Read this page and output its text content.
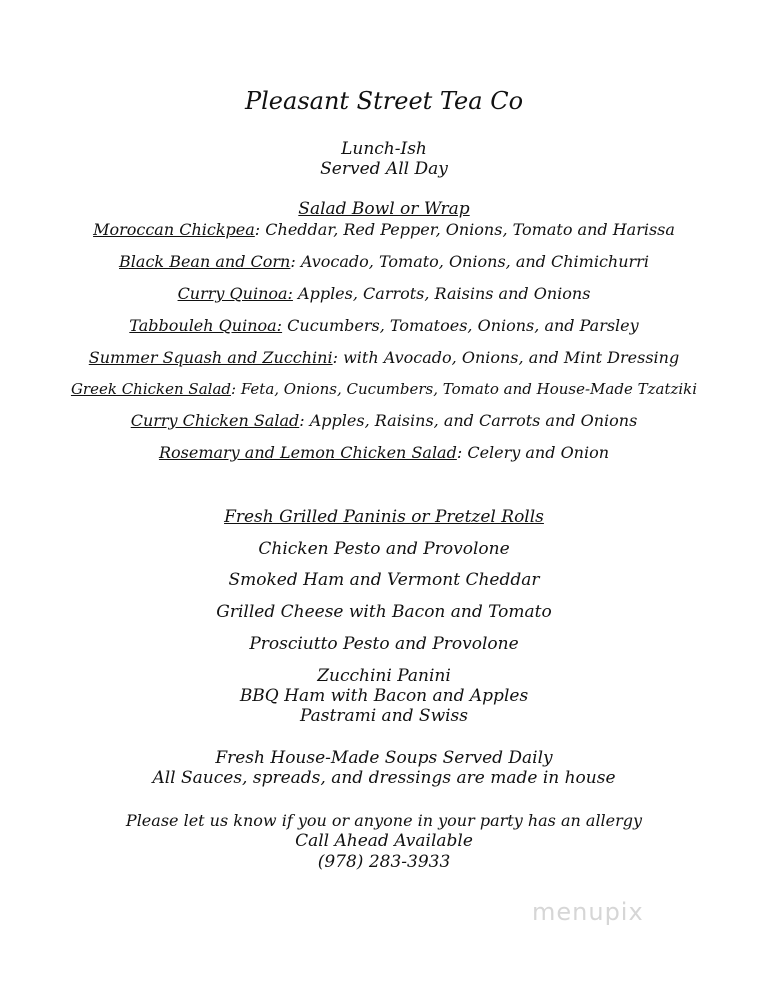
Pleasant Street Tea Co
Lunch-Ish
Served All Day
Salad Bowl or Wrap
Moroccan Chickpea: Cheddar, Red Pepper, Onions, Tomato and Harissa
Black Bean and Corn: Avocado, Tomato, Onions, and Chimichurri
Curry Quinoa: Apples, Carrots, Raisins and Onions
Tabbouleh Quinoa: Cucumbers, Tomatoes, Onions, and Parsley
Summer Squash and Zucchini: with Avocado, Onions, and Mint Dressing
Greek Chicken Salad: Feta, Onions, Cucumbers, Tomato and House-Made Tzatziki
Curry Chicken Salad: Apples, Raisins, and Carrots and Onions
Rosemary and Lemon Chicken Salad: Celery and Onion
Fresh Grilled Paninis or Pretzel Rolls
Chicken Pesto and Provolone
Smoked Ham and Vermont Cheddar
Grilled Cheese with Bacon and Tomato
Prosciutto Pesto and Provolone
Zucchini Panini
BBQ Ham with Bacon and Apples
Pastrami and Swiss
Fresh House-Made Soups Served Daily
All Sauces, spreads, and dressings are made in house
Please let us know if you or anyone in your party has an allergy
Call Ahead Available
(978) 283-3933
menupix
